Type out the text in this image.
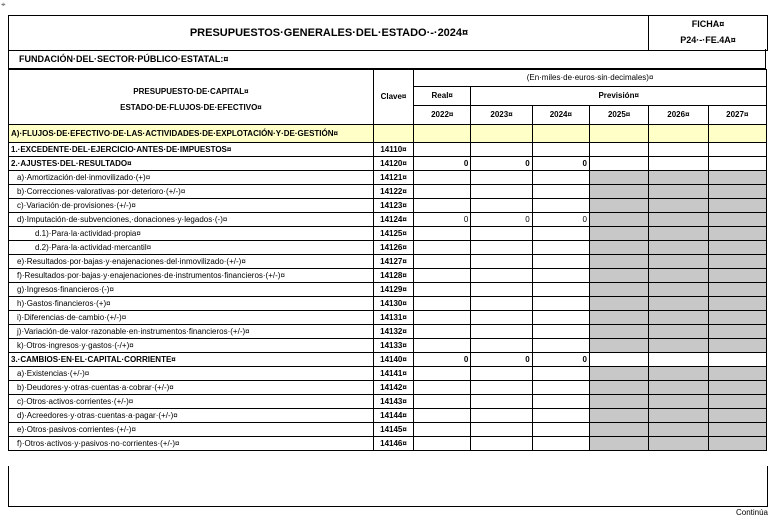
⌖
PRESUPUESTOS·GENERALES·DEL·ESTADO·-·2024¤
FICHA¤
P24·-·FE.4A¤
FUNDACIÓN·DEL·SECTOR·PÚBLICO·ESTATAL:¤
PRESUPUESTO·DE·CAPITAL¤
ESTADO·DE·FLUJOS·DE·EFECTIVO¤	Clave¤	(En·miles·de·euros·sin·decimales)¤					
		Real¤	Previsión¤				
		2022¤	2023¤	2024¤	2025¤	2026¤	2027¤
A)·FLUJOS·DE·EFECTIVO·DE·LAS·ACTIVIDADES·DE·EXPLOTACIÓN·Y·DE·GESTIÓN¤							
1.·EXCEDENTE·DEL·EJERCICIO·ANTES·DE·IMPUESTOS¤	14110¤						
2.·AJUSTES·DEL·RESULTADO¤	14120¤	0	0	0			
a)·Amortización·del·inmovilizado·(+)¤	14121¤						
b)·Correcciones·valorativas·por·deterioro·(+/-)¤	14122¤						
c)·Variación·de·provisiones·(+/-)¤	14123¤						
d)·Imputación·de·subvenciones,·donaciones·y·legados·(-)¤	14124¤	0	0	0			
d.1)·Para·la·actividad·propia¤	14125¤						
d.2)·Para·la·actividad·mercantil¤	14126¤						
e)·Resultados·por·bajas·y·enajenaciones·del·inmovilizado·(+/-)¤	14127¤						
f)·Resultados·por·bajas·y·enajenaciones·de·instrumentos·financieros·(+/-)¤	14128¤						
g)·Ingresos·financieros·(-)¤	14129¤						
h)·Gastos·financieros·(+)¤	14130¤						
i)·Diferencias·de·cambio·(+/-)¤	14131¤						
j)·Variación·de·valor·razonable·en·instrumentos·financieros·(+/-)¤	14132¤						
k)·Otros·ingresos·y·gastos·(-/+)¤	14133¤						
3.·CAMBIOS·EN·EL·CAPITAL·CORRIENTE¤	14140¤	0	0	0			
a)·Existencias·(+/-)¤	14141¤						
b)·Deudores·y·otras·cuentas·a·cobrar·(+/-)¤	14142¤						
c)·Otros·activos·corrientes·(+/-)¤	14143¤						
d)·Acreedores·y·otras·cuentas·a·pagar·(+/-)¤	14144¤						
e)·Otros·pasivos·corrientes·(+/-)¤	14145¤						
f)·Otros·activos·y·pasivos·no·corrientes·(+/-)¤	14146¤						
Continúa
